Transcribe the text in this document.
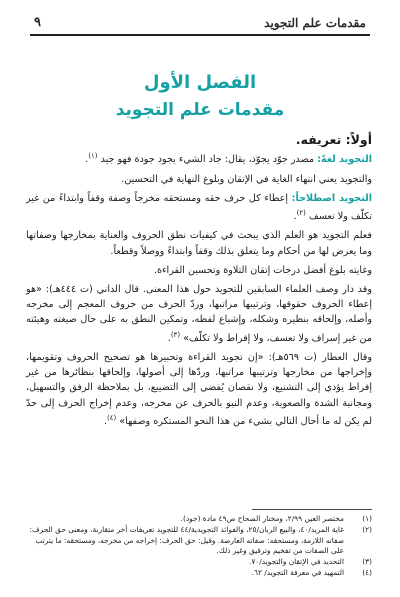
مقدمات علم التجويد
٩
الفصل الأول
مقدمات علم التجويد
أولاً: تعريفه.

التجويد لغةً: مصدر جوّد يجوّد، يقال: جاد الشيء يجود جودة فهو جيد $^{(١)}$.

والتجويد يعني انتهاء الغاية في الإتقان وبلوغ النهاية في التحسين.

التجويد اصطلاحاً: إعطاء كل حرف حقه ومستحقه مخرجاً وصفة وقفاً وابتداءً من غير تكلّف ولا تعسف $^{(٢)}$.

فعلم التجويد هو العلم الذي يبحث في كيفيات نطق الحروف والعناية بمخارجها وصفاتها وما يعرض لها من أحكام وما يتعلق بذلك وقفاً وابتداءً ووصلاً وقطعاً.

وغايته بلوغ أفضل درجات إتقان التلاوة وتحسين القراءة.

وقد دار وصف العلماء السابقين للتجويد حول هذا المعنى. قال الداني (ت ٤٤٤هـ): «هو إعطاء الحروف حقوقها، وترتيبها مراتبها، وردّ الحرف من حروف المعجم إلى مخرجه وأصله، وإلحاقه بنظيره وشكله، وإشباع لفظه، وتمكين النطق به على حال صيغته وهيئته من غير إسراف ولا تعسف، ولا إفراط ولا تكلّف» $^{(٣)}$.

وقال العطار (ت ٥٦٩هـ): «إن تجويد القراءة وتحبيرها هو تصحيح الحروف وتقويمها، وإخراجها من مخارجها وترتيبها مراتبها، وردّها إلى أصولها، وإلحاقها بنظائرها من غير إفراط يؤدي إلى التشنيع، ولا نقصان يُفضي إلى التضييع، بل بملاحظة الرفق والتسهيل، ومجانبة الشدة والصعوبة، وعدم النبو بالحرف عن مخرجه، وعدم إخراج الحرف إلى حدّ لم يكن له ما أحال التالي بشيء من هذا النحو المستكره وصفها» $^{(٤)}$.

(١)
مختصر العين ٢/٩٩، ومختار الصحاح ص٤٩ مادة (جود).
(٢)
غاية المريد/٤٠، والبيع الربان/٢٥، والفوائد التجويدية/٤٤ للتجويد تعريفات أخر متقاربة، ومعنى حق الحرف: صفاته اللازمة، ومستحقه: صفاته العارضة. وقيل: حق الحرف: إخراجه من مخرجه، ومستحقه: ما يترتب على الصفات من تفخيم وترقيق وغير ذلك.
(٣)
التحديد في الإتقان والتجويد/٧٠.
(٤)
التمهيد في معرفة التجويد/ ٦٢.
